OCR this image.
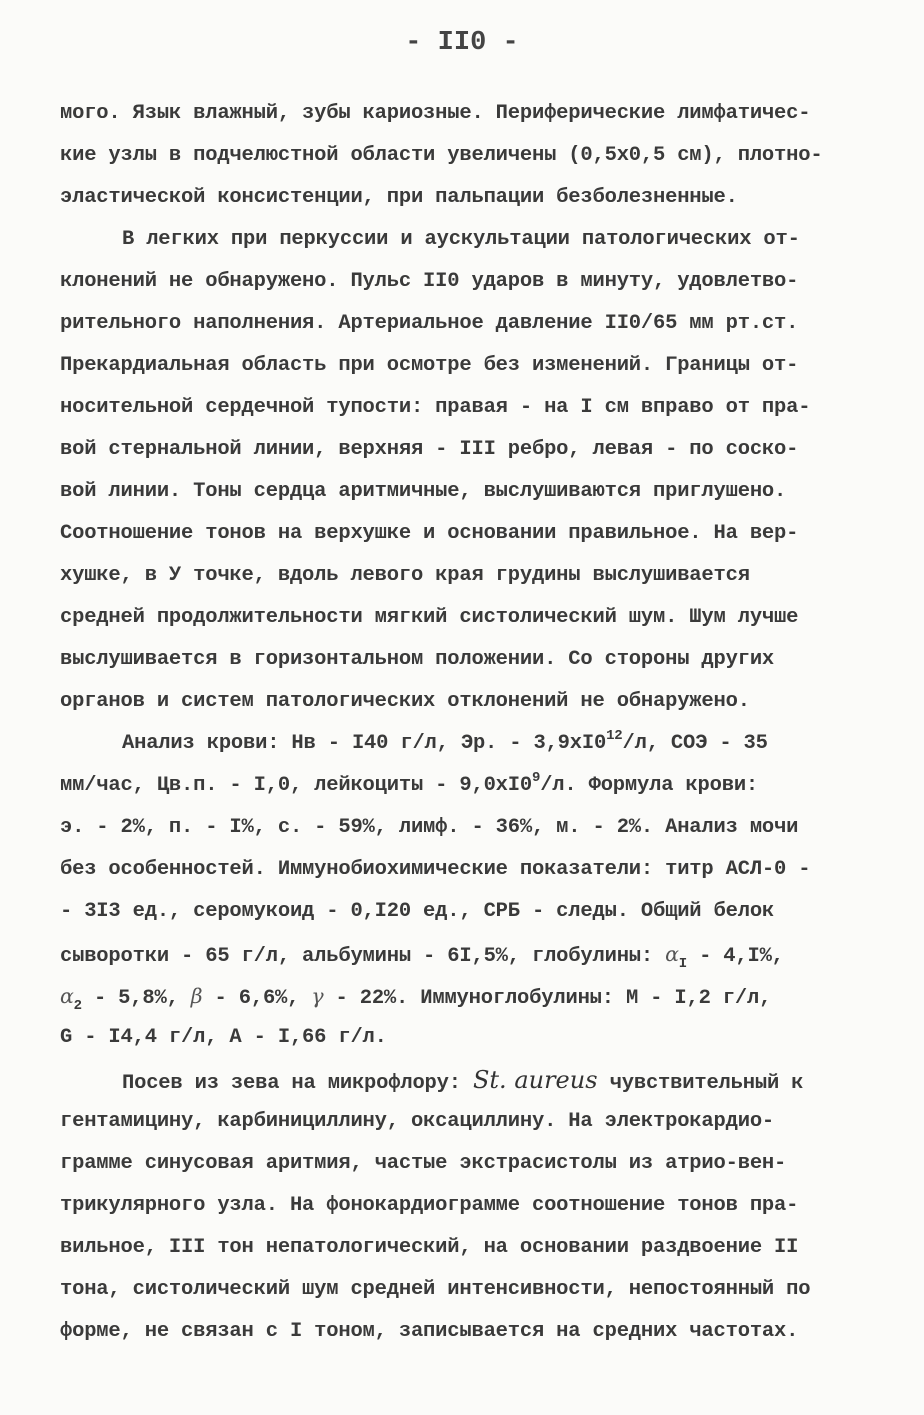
- II0 -
мого. Язык влажный, зубы кариозные. Периферические лимфатичес-
кие узлы в подчелюстной области увеличены (0,5х0,5 см), плотно-
эластической консистенции, при пальпации безболезненные.
В легких при перкуссии и аускультации патологических от-
клонений не обнаружено. Пульс II0 ударов в минуту, удовлетво-
рительного наполнения. Артериальное давление II0/65 мм рт.ст.
Прекардиальная область при осмотре без изменений. Границы от-
носительной сердечной тупости: правая - на I см вправо от пра-
вой стернальной линии, верхняя - III ребро, левая - по соско-
вой линии. Тоны сердца аритмичные, выслушиваются приглушено.
Соотношение тонов на верхушке и основании правильное. На вер-
хушке, в У точке, вдоль левого края грудины выслушивается
средней продолжительности мягкий систолический шум. Шум лучше
выслушивается в горизонтальном положении. Со стороны других
органов и систем патологических отклонений не обнаружено.
Анализ крови: Нв - I40 г/л, Эр. - $3,9хI0^{12}/л$, СОЭ - 35
мм/час, Цв.п. - I,0, лейкоциты - $9,0хI0^9/л$. Формула крови:
э. - 2%, п. - I%, с. - 59%, лимф. - 36%, м. - 2%. Анализ мочи
без особенностей. Иммунобиохимические показатели: титр АСЛ-0 -
- 3I3 ед., серомукоид - 0,I20 ед., СРБ - следы. Общий белок
сыворотки - 65 г/л, альбумины - 6I,5%, глобулины: $\alpha_I - 4,I\%$,
$\alpha_2 - 5,8\%$, β - 6,6%, γ - 22%. Иммуноглобулины: М - I,2 г/л,
G - I4,4 г/л, А - I,66 г/л.
Посев из зева на микрофлору: St. aureus чувствительный к
гентамицину, карбинициллину, оксациллину. На электрокардио-
грамме синусовая аритмия, частые экстрасистолы из атрио-вен-
трикулярного узла. На фонокардиограмме соотношение тонов пра-
вильное, III тон непатологический, на основании раздвоение II
тона, систолический шум средней интенсивности, непостоянный по
форме, не связан с I тоном, записывается на средних частотах.
